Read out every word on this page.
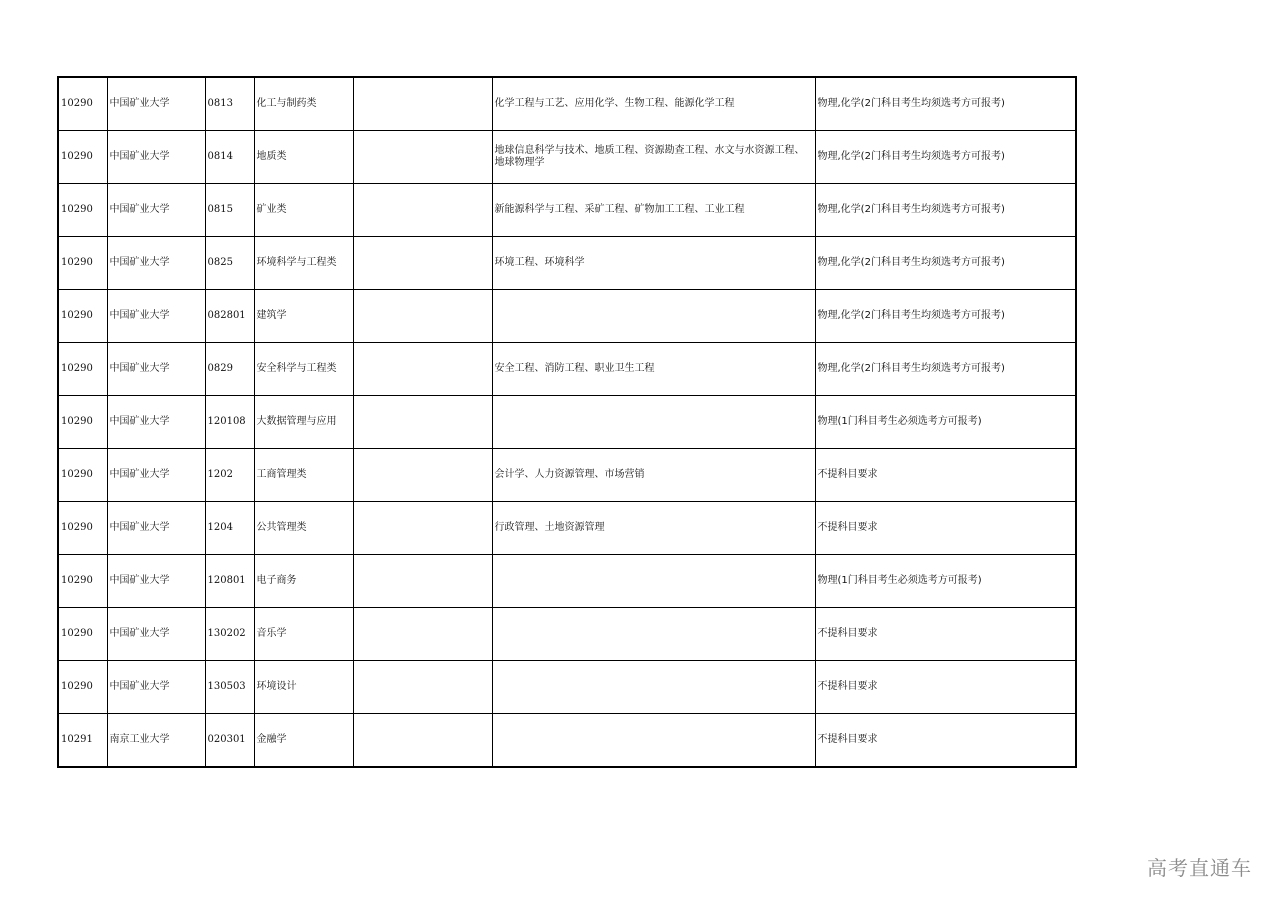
10290	中国矿业大学	0813	化工与制药类		化学工程与工艺、应用化学、生物工程、能源化学工程	物理,化学(2门科目考生均须选考方可报考)
10290	中国矿业大学	0814	地质类		地球信息科学与技术、地质工程、资源勘查工程、水文与水资源工程、地球物理学	物理,化学(2门科目考生均须选考方可报考)
10290	中国矿业大学	0815	矿业类		新能源科学与工程、采矿工程、矿物加工工程、工业工程	物理,化学(2门科目考生均须选考方可报考)
10290	中国矿业大学	0825	环境科学与工程类		环境工程、环境科学	物理,化学(2门科目考生均须选考方可报考)
10290	中国矿业大学	082801	建筑学			物理,化学(2门科目考生均须选考方可报考)
10290	中国矿业大学	0829	安全科学与工程类		安全工程、消防工程、职业卫生工程	物理,化学(2门科目考生均须选考方可报考)
10290	中国矿业大学	120108	大数据管理与应用			物理(1门科目考生必须选考方可报考)
10290	中国矿业大学	1202	工商管理类		会计学、人力资源管理、市场营销	不提科目要求
10290	中国矿业大学	1204	公共管理类		行政管理、土地资源管理	不提科目要求
10290	中国矿业大学	120801	电子商务			物理(1门科目考生必须选考方可报考)
10290	中国矿业大学	130202	音乐学			不提科目要求
10290	中国矿业大学	130503	环境设计			不提科目要求
10291	南京工业大学	020301	金融学			不提科目要求
高考直通车
